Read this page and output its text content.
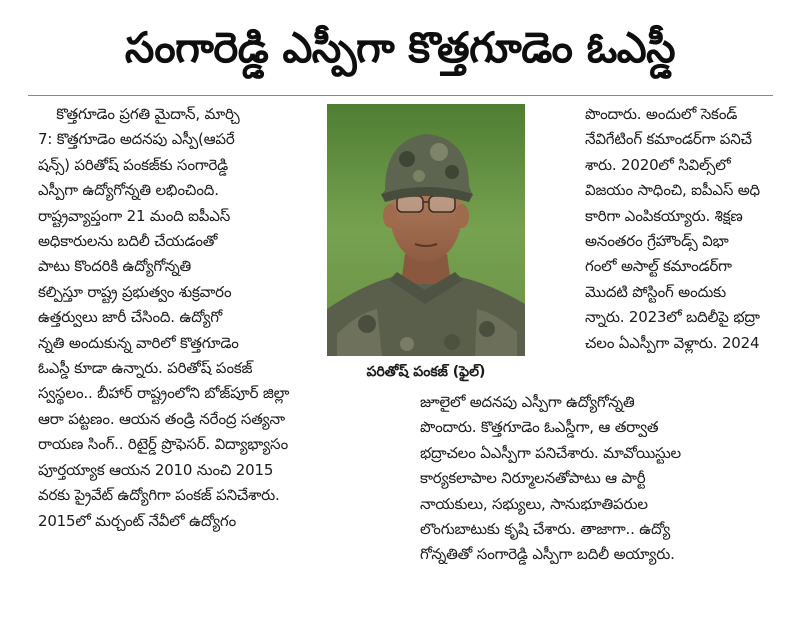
సంగారెడ్డి ఎస్పీగా కొత్తగూడెం ఓఎస్డీ
కొత్తగూడెం ప్రగతి మైదాన్, మార్చి
7: కొత్తగూడెం అదనపు ఎస్పీ(ఆపరే
షన్స్) పరితోష్ పంకజ్‌కు సంగారెడ్డి
ఎస్పీగా ఉద్యోగోన్నతి లభించింది.
రాష్ట్రవ్యాప్తంగా 21 మంది ఐపీఎస్
అధికారులను బదిలీ చేయడంతో
పాటు కొందరికి ఉద్యోగోన్నతి
కల్పిస్తూ రాష్ట్ర ప్రభుత్వం శుక్రవారం
ఉత్తర్వులు జారీ చేసింది. ఉద్యోగో
న్నతి అందుకున్న వారిలో కొత్తగూడెం
ఓఎస్డీ కూడా ఉన్నారు. పరితోష్ పంకజ్
స్వస్థలం.. బీహార్ రాష్ట్రంలోని బోజ్‌పూర్ జిల్లా
ఆరా పట్టణం. ఆయన తండ్రి నరేంద్ర సత్యనా
రాయణ సింగ్.. రిటైర్డ్ ప్రొఫెసర్. విద్యాభ్యాసం
పూర్తయ్యాక ఆయన 2010 నుంచి 2015
వరకు ప్రైవేట్ ఉద్యోగిగా పంకజ్ పనిచేశారు.
2015లో మర్చంట్ నేవీలో ఉద్యోగం
పరితోష్ పంకజ్ (ఫైల్)
పొందారు. అందులో సెకండ్
నేవిగేటింగ్ కమాండర్‌గా పనిచే
శారు. 2020లో సివిల్స్‌లో
విజయం సాధించి, ఐపీఎస్ అధి
కారిగా ఎంపికయ్యారు. శిక్షణ
అనంతరం గ్రేహౌండ్స్ విభా
గంలో అసాల్ట్ కమాండర్‌గా
మొదటి పోస్టింగ్ అందుకు
న్నారు. 2023లో బదిలీపై భద్రా
చలం ఏఎస్పీగా వెళ్లారు. 2024
జూలైలో అదనపు ఎస్పీగా ఉద్యోగోన్నతి
పొందారు. కొత్తగూడెం ఓఎస్డీగా, ఆ తర్వాత
భద్రాచలం ఏఎస్పీగా పనిచేశారు. మావోయిస్టుల
కార్యకలాపాల నిర్మూలనతోపాటు ఆ పార్టీ
నాయకులు, సభ్యులు, సానుభూతిపరుల
లొంగుబాటుకు కృషి చేశారు. తాజాగా.. ఉద్యో
గోన్నతితో సంగారెడ్డి ఎస్పీగా బదిలీ అయ్యారు.
